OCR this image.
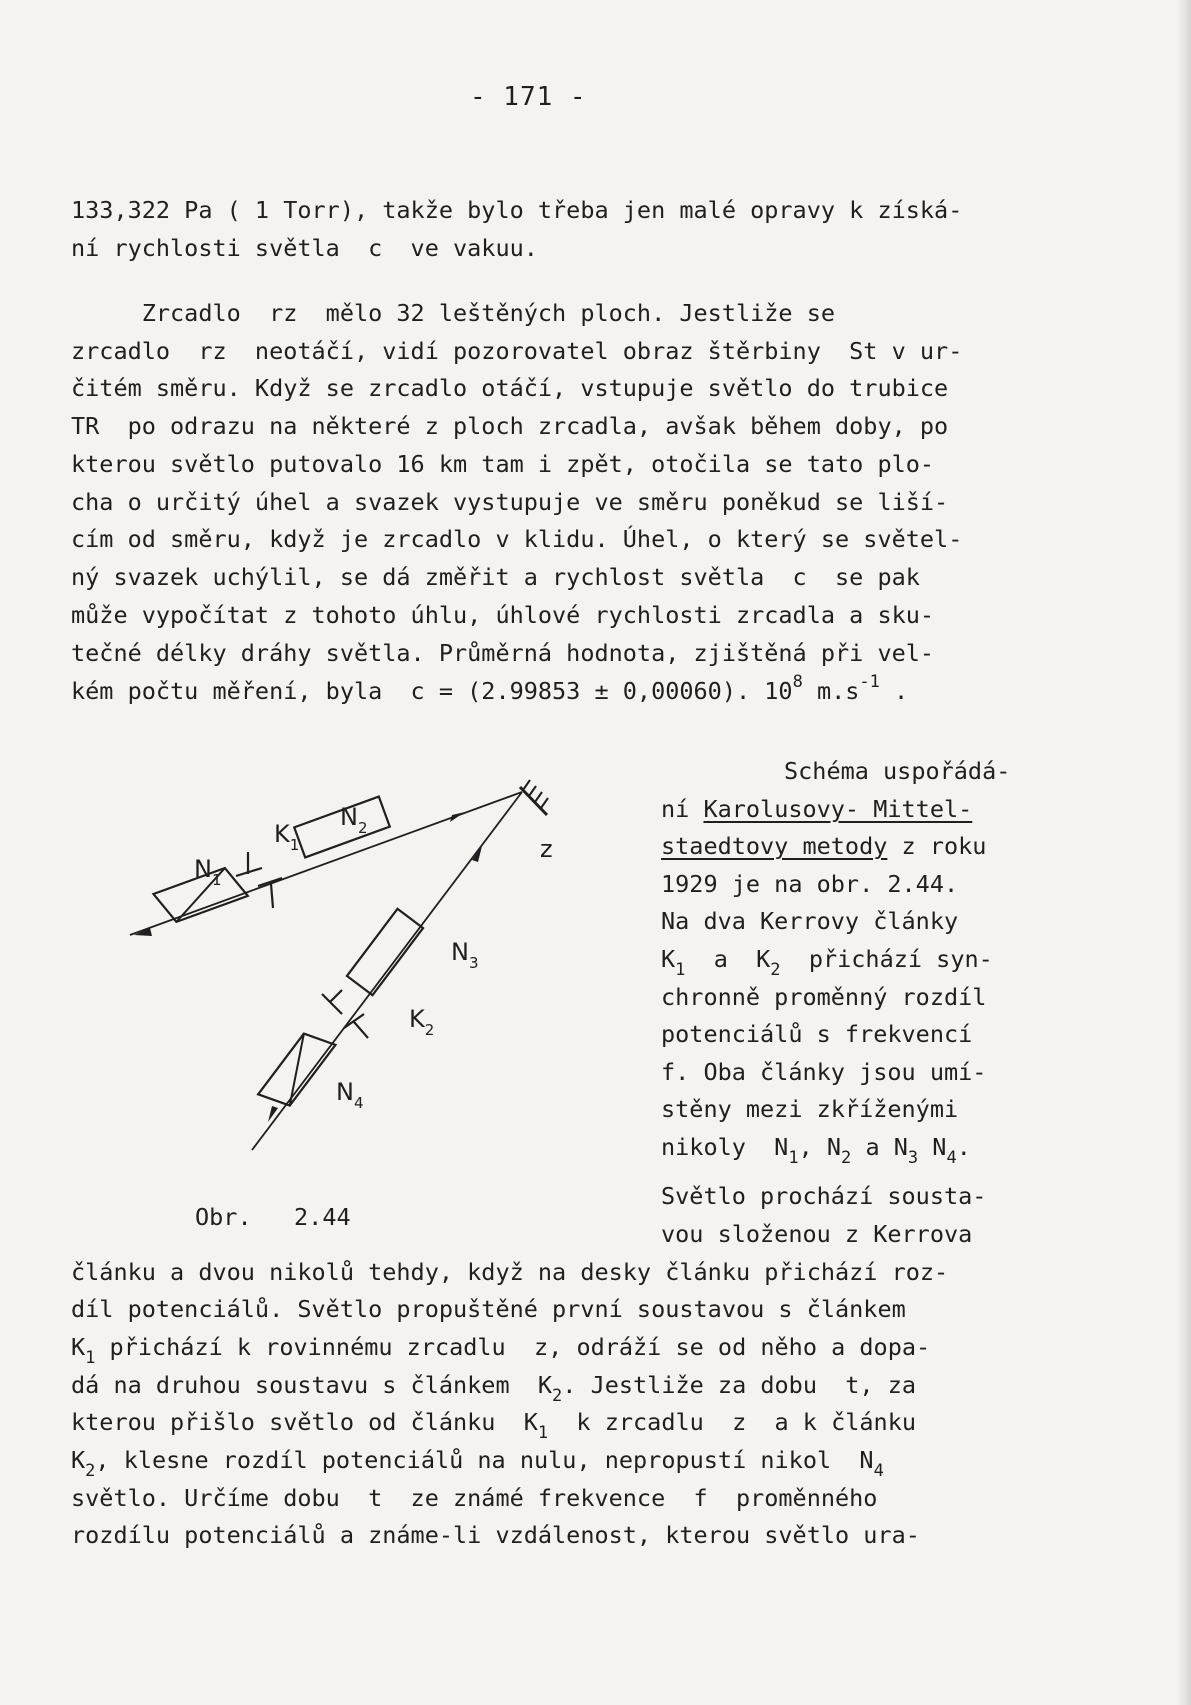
- 171 -
133,322 Pa ( 1 Torr), takže bylo třeba jen malé opravy k získá-
ní rychlosti světla  c  ve vakuu.
Zrcadlo  rz  mělo 32 leštěných ploch. Jestliže se
zrcadlo  rz  neotáčí, vidí pozorovatel obraz štěrbiny  St v ur-
čitém směru. Když se zrcadlo otáčí, vstupuje světlo do trubice
TR  po odrazu na některé z ploch zrcadla, avšak během doby, po
kterou světlo putovalo 16 km tam i zpět, otočila se tato plo-
cha o určitý úhel a svazek vystupuje ve směru poněkud se liší-
cím od směru, když je zrcadlo v klidu. Úhel, o který se světel-
ný svazek uchýlil, se dá změřit a rychlost světla  c  se pak
může vypočítat z tohoto úhlu, úhlové rychlosti zrcadla a sku-
tečné délky dráhy světla. Průměrná hodnota, zjištěná při vel-
kém počtu měření, byla  c = (2.99853 ± 0,00060). $10^8$ $m.s^{-1}$ .
Schéma uspořádá-
ní Karolusovy- Mittel-
staedtovy metody z roku
1929 je na obr. 2.44.
Na dva Kerrovy články
$K_1$  a  $K_2$  přichází syn-
chronně proměnný rozdíl
potenciálů s frekvencí
f. Oba články jsou umí-
stěny mezi zkříženými
nikoly  $N_1$, $N_2$ a $N_3$ $N_4$.
Světlo prochází sousta-
vou složenou z Kerrova
$N_1$
$K_1$
$N_2$
z
$N_3$
$K_2$
$N_4$
Obr.   2.44
článku a dvou nikolů tehdy, když na desky článku přichází roz-
díl potenciálů. Světlo propuštěné první soustavou s článkem
$K_1$ přichází k rovinnému zrcadlu  z, odráží se od něho a dopa-
dá na druhou soustavu s článkem  $K_2$. Jestliže za dobu  t, za
kterou přišlo světlo od článku  $K_1$  k zrcadlu  z  a k článku
$K_2$, klesne rozdíl potenciálů na nulu, nepropustí nikol  $N_4$
světlo. Určíme dobu  t  ze známé frekvence  f  proměnného
rozdílu potenciálů a známe-li vzdálenost, kterou světlo ura-
